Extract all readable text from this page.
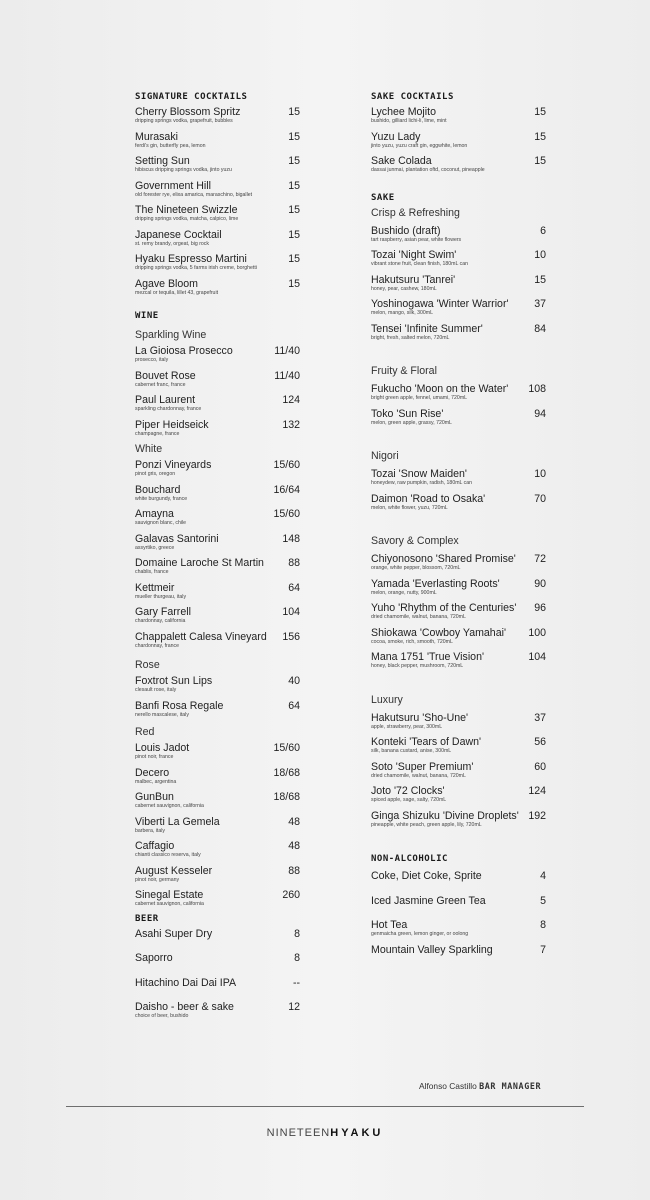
SIGNATURE COCKTAILS
Cherry Blossom Spritz	15
dripping springs vodka, grapefruit, bubbles
Murasaki	15
ferdi's gin, butterfly pea, lemon
Setting Sun	15
hibiscus dripping springs vodka, jinto yuzu
Government Hill	15
old forester rye, elixa amarica, maraschino, bigallet
The Nineteen Swizzle	15
dripping springs vodka, matcha, calpico, lime
Japanese Cocktail	15
st. remy brandy, orgeat, big rock
Hyaku Espresso Martini	15
dripping springs vodka, 5 farms irish creme, borghetti
Agave Bloom	15
mezcal or tequila, lillet 43, grapefruit
WINE
Sparkling Wine
La Gioiosa Prosecco	11/40
prosecco, italy
Bouvet Rose	11/40
cabernet franc, france
Paul Laurent	124
sparkling chardonnay, france
Piper Heidseick	132
champagne, france
White
Ponzi Vineyards	15/60
pinot gris, oregon
Bouchard	16/64
white burgundy, france
Amayna	15/60
sauvignon blanc, chile
Galavas Santorini	148
assyrtiko, greece
Domaine Laroche St Martin	88
chablis, france
Kettmeir	64
mueller thurgeau, italy
Gary Farrell	104
chardonnay, california
Chappalett Calesa Vineyard	156
chardonnay, france
Rose
Foxtrot Sun Lips	40
clesault rose, italy
Banfi Rosa Regale	64
nerello mascalese, italy
Red
Louis Jadot	15/60
pinot noir, france
Decero	18/68
malbec, argentina
GunBun	18/68
cabernet sauvignon, california
Viberti La Gemela	48
barbera, italy
Caffagio	48
chianti classico reserva, italy
August Kesseler	88
pinot noir, germany
Sinegal Estate	260
cabernet sauvignon, california
BEER
Asahi Super Dry	8
Saporro	8
Hitachino Dai Dai IPA	--
Daisho - beer & sake	12
choice of beer, bushido
SAKE COCKTAILS
Lychee Mojito	15
bushido, gilliard lichi-li, lime, mint
Yuzu Lady	15
jinto yuzu, yuzu craft gin, eggwhite, lemon
Sake Colada	15
dassai junmai, plantation oftd, coconut, pineapple
SAKE
Crisp & Refreshing
Bushido (draft)	6
tart raspberry, asian pear, white flowers
Tozai 'Night Swim'	10
vibrant stone fruit, clean finish, 180mL can
Hakutsuru 'Tanrei'	15
honey, pear, cashew, 180mL
Yoshinogawa 'Winter Warrior'	37
melon, mango, silk, 300mL
Tensei 'Infinite Summer'	84
bright, fresh, salted melon, 720mL
Fruity & Floral
Fukucho 'Moon on the Water'	108
bright green apple, fennel, umami, 720mL
Toko 'Sun Rise'	94
melon, green apple, grassy, 720mL
Nigori
Tozai 'Snow Maiden'	10
honeydew, raw pumpkin, radish, 180mL can
Daimon 'Road to Osaka'	70
melon, white flower, yuzu, 720mL
Savory & Complex
Chiyonosono 'Shared Promise'	72
orange, white pepper, blossom, 720mL
Yamada 'Everlasting Roots'	90
melon, orange, nutty, 900mL
Yuho 'Rhythm of the Centuries'	96
dried chamomile, walnut, banana, 720mL
Shiokawa 'Cowboy Yamahai'	100
cocoa, smoke, rich, smooth, 720mL
Mana 1751 'True Vision'	104
honey, black pepper, mushroom, 720mL
Luxury
Hakutsuru 'Sho-Une'	37
apple, strawberry, pear, 300mL
Konteki 'Tears of Dawn'	56
silk, banana custard, anise, 300mL
Soto 'Super Premium'	60
dried chamomile, walnut, banana, 720mL
Joto '72 Clocks'	124
spiced apple, sage, salty, 720mL
Ginga Shizuku 'Divine Droplets' 192
pineapple, white peach, green apple, lily, 720mL
NON-ALCOHOLIC
Coke, Diet Coke, Sprite	4
Iced Jasmine Green Tea	5
Hot Tea	8
genmaicha green, lemon ginger, or oolong
Mountain Valley Sparkling	7
Alfonso Castillo BAR MANAGER
NINETEENHYAKU
